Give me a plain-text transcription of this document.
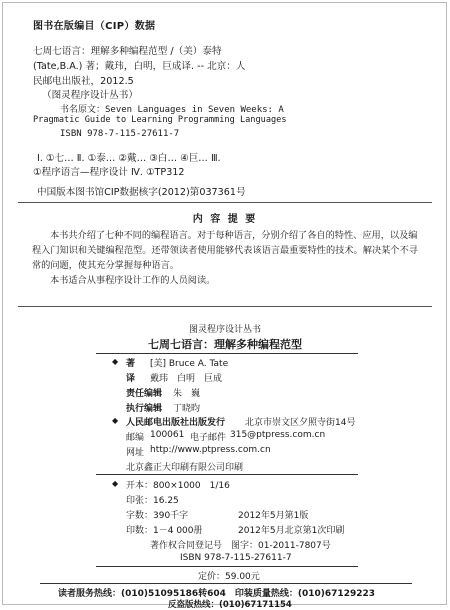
图书在版编目（CIP）数据
七周七语言：理解多种编程范型 /（美）泰特
(Tate,B.A.) 著；戴玮，白明，巨成译. -- 北京：人
民邮电出版社，2012.5
（图灵程序设计丛书）
书名原文：Seven Languages in Seven Weeks: A
Pragmatic Guide to Learning Programming Languages
ISBN 978-7-115-27611-7
Ⅰ. ①七… Ⅱ. ①泰… ②戴… ③白… ④巨… Ⅲ.
①程序语言—程序设计 Ⅳ. ①TP312
中国版本图书馆CIP数据核字(2012)第037361号
内 容 提 要
本书共介绍了七种不同的编程语言。对于每种语言，分别介绍了各自的特性、应用，以及编程入门知识和关键编程范型。还带领读者使用能够代表该语言最重要特性的技术。解决某个不寻常的问题，使其充分掌握每种语言。
本书适合从事程序设计工作的人员阅读。
图灵程序设计丛书
七周七语言：理解多种编程范型
◆ 著 [美] Bruce A. Tate
译 戴玮　白明　巨成
责任编辑 朱　巍
执行编辑 丁晓昀
◆ 人民邮电出版社出版发行 北京市崇文区夕照寺街14号
邮编 100061 电子邮件 315@ptpress.com.cn
网址 http://www.ptpress.com.cn
北京鑫正大印刷有限公司印刷
◆ 开本：800×1000　1/16
印张：16.25
字数：390千字	2012年5月第1版
印数：1－4 000册	2012年5月北京第1次印刷
著作权合同登记号　图字：01-2011-7807号
ISBN 978-7-115-27611-7
定价：59.00元
读者服务热线：(010)51095186转604　印装质量热线：(010)67129223
反盗版热线：(010)67171154
